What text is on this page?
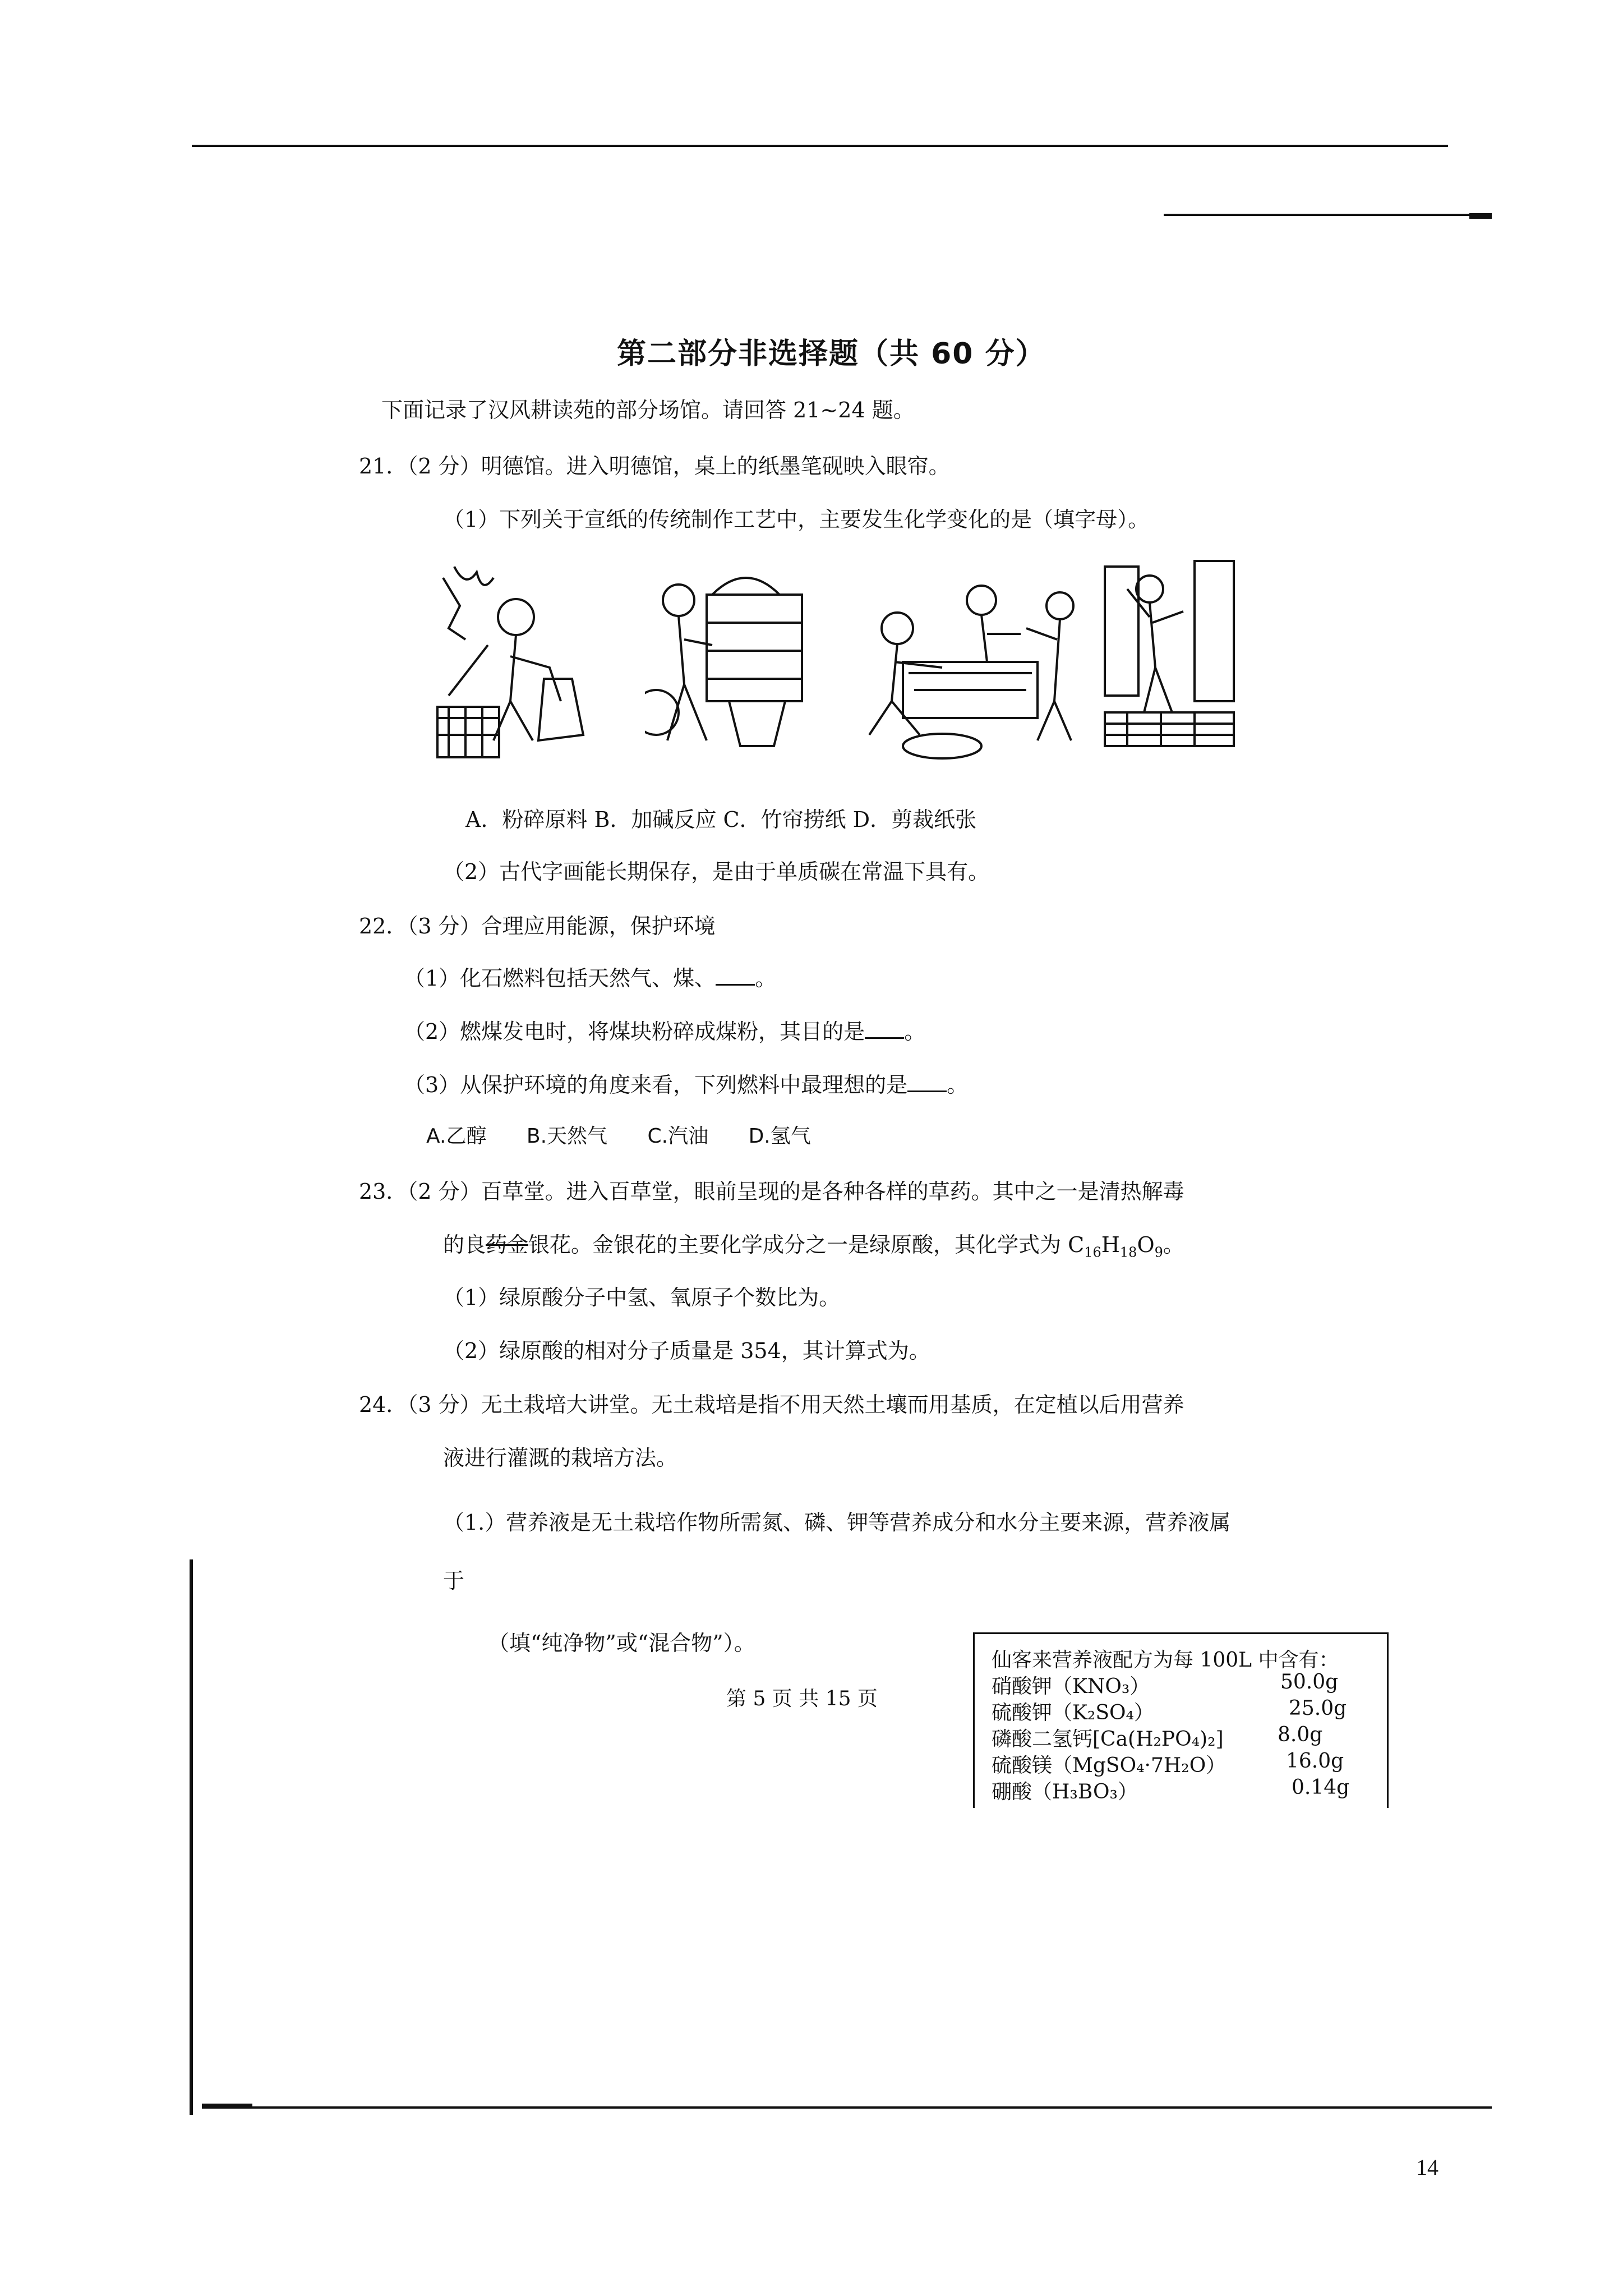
第二部分非选择题（共 60 分）
下面记录了汉风耕读苑的部分场馆。请回答 21~24 题。
21．（2 分）明德馆。进入明德馆，桌上的纸墨笔砚映入眼帘。
（1）下列关于宣纸的传统制作工艺中，主要发生化学变化的是（填字母）。
A．粉碎原料 B．加碱反应 C．竹帘捞纸 D．剪裁纸张
（2）古代字画能长期保存，是由于单质碳在常温下具有。
22．（3 分）合理应用能源，保护环境
（1）化石燃料包括天然气、煤、 。
（2）燃煤发电时，将煤块粉碎成煤粉，其目的是 。
（3）从保护环境的角度来看，下列燃料中最理想的是 。
A.乙醇 B.天然气 C.汽油 D.氢气
23．（2 分）百草堂。进入百草堂，眼前呈现的是各种各样的草药。其中之一是清热解毒
的良药金银花。金银花的主要化学成分之一是绿原酸，其化学式为 $C_{16}H_{18}O_9$。
（1）绿原酸分子中氢、氧原子个数比为。
（2）绿原酸的相对分子质量是 354，其计算式为。
24．（3 分）无土栽培大讲堂。无土栽培是指不用天然土壤而用基质，在定植以后用营养
液进行灌溉的栽培方法。
（1.）营养液是无土栽培作物所需氮、磷、钾等营养成分和水分主要来源，营养液属
于
（填“纯净物”或“混合物”）。
仙客来营养液配方为每 100L 中含有：
硝酸钾（KNO₃）	50.0g
硫酸钾（K₂SO₄）	25.0g
磷酸二氢钙[Ca(H₂PO₄)₂]	8.0g
硫酸镁（MgSO₄·7H₂O）	16.0g
硼酸（H₃BO₃）	0.14g
第 5 页 共 15 页
14
